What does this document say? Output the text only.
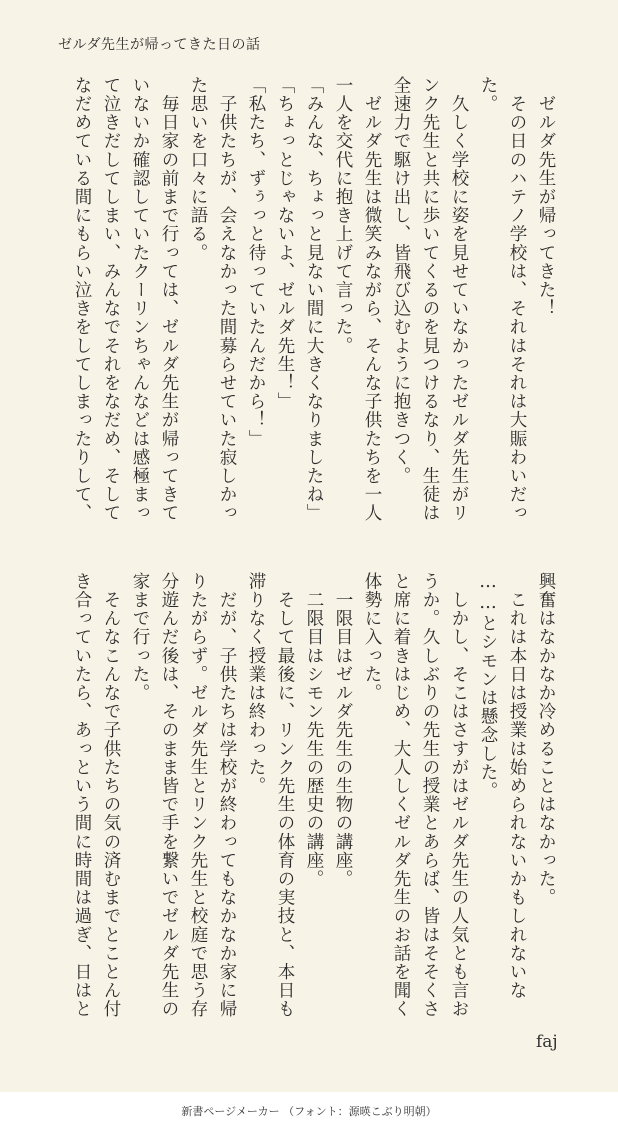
ゼルダ先生が帰ってきた日の話

　ゼルダ先生が帰ってきた！

　その日のハテノ学校は、それはそれは大賑わいだっ

た。

　久しく学校に姿を見せていなかったゼルダ先生がリ

ンク先生と共に歩いてくるのを見つけるなり、生徒は

全速力で駆け出し、皆飛び込むように抱きつく。

　ゼルダ先生は微笑みながら、そんな子供たちを一人

一人を交代に抱き上げて言った。

「みんな、ちょっと見ない間に大きくなりましたね」

「ちょっとじゃないよ、ゼルダ先生！」

「私たち、ずぅっと待っていたんだから！」

　子供たちが、会えなかった間募らせていた寂しかっ

た思いを口々に語る。

　毎日家の前まで行っては、ゼルダ先生が帰ってきて

いないか確認していたクーリンちゃんなどは感極まっ

て泣きだしてしまい、みんなでそれをなだめ、そして

なだめている間にもらい泣きをしてしまったりして、

興奮はなかなか冷めることはなかった。

　これは本日は授業は始められないかもしれないな

……とシモンは懸念した。

　しかし、そこはさすがはゼルダ先生の人気とも言お

うか。久しぶりの先生の授業とあらば、皆はそそくさ

と席に着きはじめ、大人しくゼルダ先生のお話を聞く

体勢に入った。

　一限目はゼルダ先生の生物の講座。

　二限目はシモン先生の歴史の講座。

　そして最後に、リンク先生の体育の実技と、本日も

滞りなく授業は終わった。

　だが、子供たちは学校が終わってもなかなか家に帰

りたがらず。ゼルダ先生とリンク先生と校庭で思う存

分遊んだ後は、そのまま皆で手を繋いでゼルダ先生の

家まで行った。

　そんなこんなで子供たちの気の済むまでとことん付

き合っていたら、あっという間に時間は過ぎ、日はと

faj
新書ページメーカー （フォント：源暎こぶり明朝）
